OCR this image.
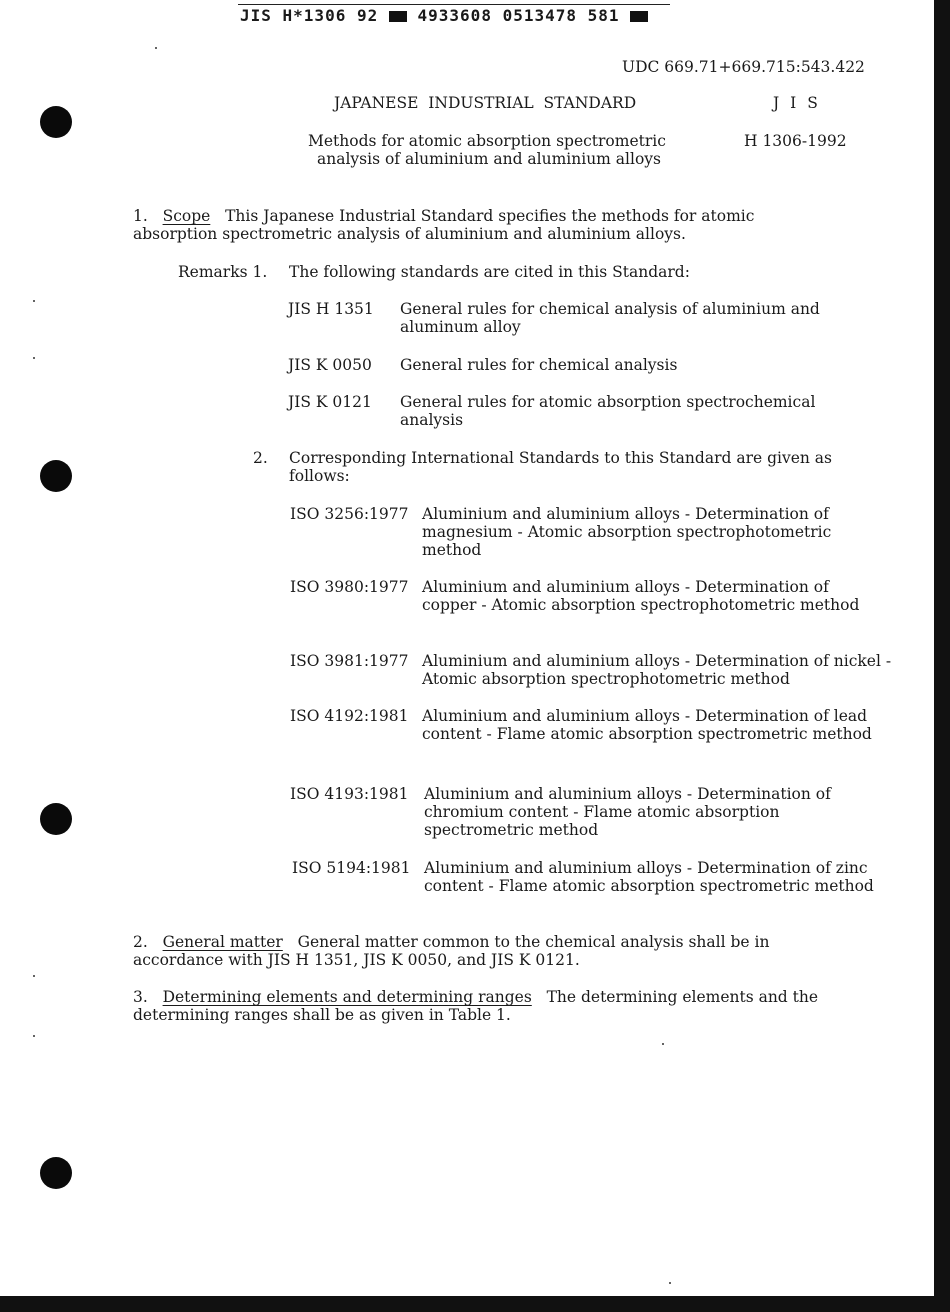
JIS H*1306 92 4933608 0513478 581
UDC 669.71+669.715:543.422
JAPANESE  INDUSTRIAL  STANDARD	J I S
Methods for atomic absorption spectrometric
analysis of aluminium and aluminium alloys
H 1306-1992
1. Scope This Japanese Industrial Standard specifies the methods for atomic absorption spectrometric analysis of aluminium and aluminium alloys.
Remarks 1. The following standards are cited in this Standard:
JIS H 1351 General rules for chemical analysis of aluminium and aluminum alloy
JIS K 0050 General rules for chemical analysis
JIS K 0121 General rules for atomic absorption spectrochemical analysis
2. Corresponding International Standards to this Standard are given as follows:
ISO 3256:1977 Aluminium and aluminium alloys - Determination of magnesium - Atomic absorption spectrophotometric method
ISO 3980:1977 Aluminium and aluminium alloys - Determination of copper - Atomic absorption spectrophotometric method
ISO 3981:1977 Aluminium and aluminium alloys - Determination of nickel - Atomic absorption spectrophotometric method
ISO 4192:1981 Aluminium and aluminium alloys - Determination of lead content - Flame atomic absorption spectrometric method
ISO 4193:1981 Aluminium and aluminium alloys - Determination of chromium content - Flame atomic absorption spectrometric method
ISO 5194:1981 Aluminium and aluminium alloys - Determination of zinc content - Flame atomic absorption spectrometric method
2. General matter General matter common to the chemical analysis shall be in accordance with JIS H 1351, JIS K 0050, and JIS K 0121.
3. Determining elements and determining ranges The determining elements and the determining ranges shall be as given in Table 1.
